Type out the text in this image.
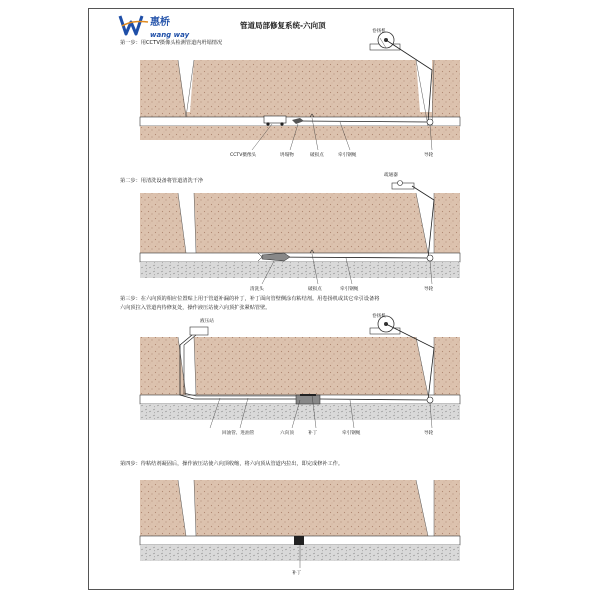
惠桥
wang way
管道局部修复系统-六向顶
第一步：用CCTV摄像头检测管道内坍塌情况
第二步：用清洗设备将管道清洗干净
第三步：在六向顶的相应位置贴上用于管道补漏的补丁，补丁面向管壁侧涂有粘结剂。用卷扬机或其它牵引设备将
六向顶拉入管道内待修复处，操作液压站使六向顶扩张紧贴管壁。
第四步：待粘结剂凝固后，操作液压站使六向顶收缩，将六向顶从管道内拉出，即完成修补工作。
卷扬机
CCTV摄像头	坍塌物	破损点	牵引钢绳	导轮
疏通器
清洗头	破损点	牵引钢绳	导轮
液压站
卷扬机
回油管、进油管	六向顶	补丁	牵引钢绳	导轮
补丁
